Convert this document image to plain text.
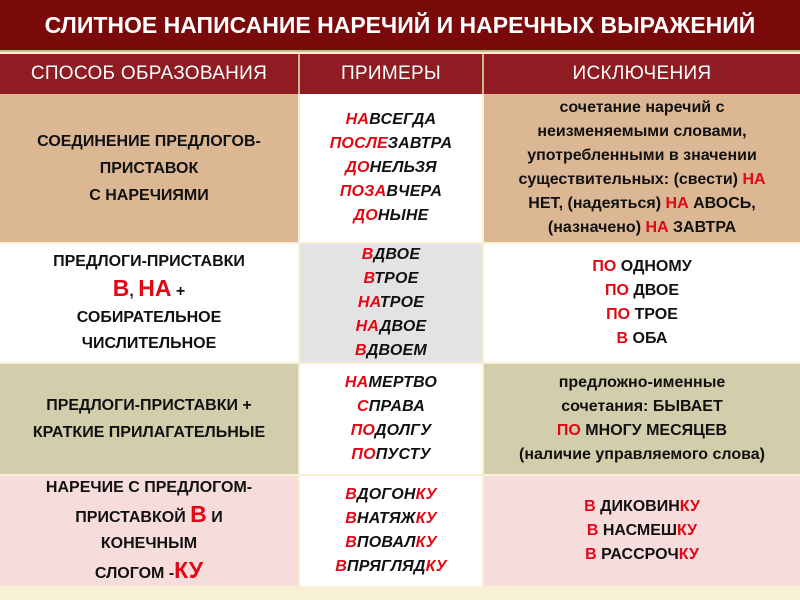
СЛИТНОЕ НАПИСАНИЕ НАРЕЧИЙ И НАРЕЧНЫХ ВЫРАЖЕНИЙ
СПОСОБ ОБРАЗОВАНИЯ	ПРИМЕРЫ	ИСКЛЮЧЕНИЯ
СОЕДИНЕНИЕ ПРЕДЛОГОВ-
ПРИСТАВОК
С НАРЕЧИЯМИ
НАВСЕГДА
ПОСЛЕЗАВТРА
ДОНЕЛЬЗЯ
ПОЗАВЧЕРА
ДОНЫНЕ
сочетание наречий с
неизменяемыми словами,
употребленными в значении
существительных: (свести) НА
НЕТ, (надеяться) НА АВОСЬ,
(назначено) НА ЗАВТРА
ПРЕДЛОГИ-ПРИСТАВКИ
В, НА +
СОБИРАТЕЛЬНОЕ
ЧИСЛИТЕЛЬНОЕ
ВДВОЕ
ВТРОЕ
НАТРОЕ
НАДВОЕ
ВДВОЕМ
ПО ОДНОМУ
ПО ДВОЕ
ПО ТРОЕ
В ОБА
ПРЕДЛОГИ-ПРИСТАВКИ +
КРАТКИЕ ПРИЛАГАТЕЛЬНЫЕ
НАМЕРТВО
СПРАВА
ПОДОЛГУ
ПОПУСТУ
предложно-именные
сочетания: БЫВАЕТ
ПО МНОГУ МЕСЯЦЕВ
(наличие управляемого слова)
НАРЕЧИЕ С ПРЕДЛОГОМ-
ПРИСТАВКОЙ В И
КОНЕЧНЫМ
СЛОГОМ -КУ
ВДОГОНКУ
ВНАТЯЖКУ
ВПОВАЛКУ
ВПРЯГЛЯДКУ
В ДИКОВИНКУ
В НАСМЕШКУ
В РАССРОЧКУ
